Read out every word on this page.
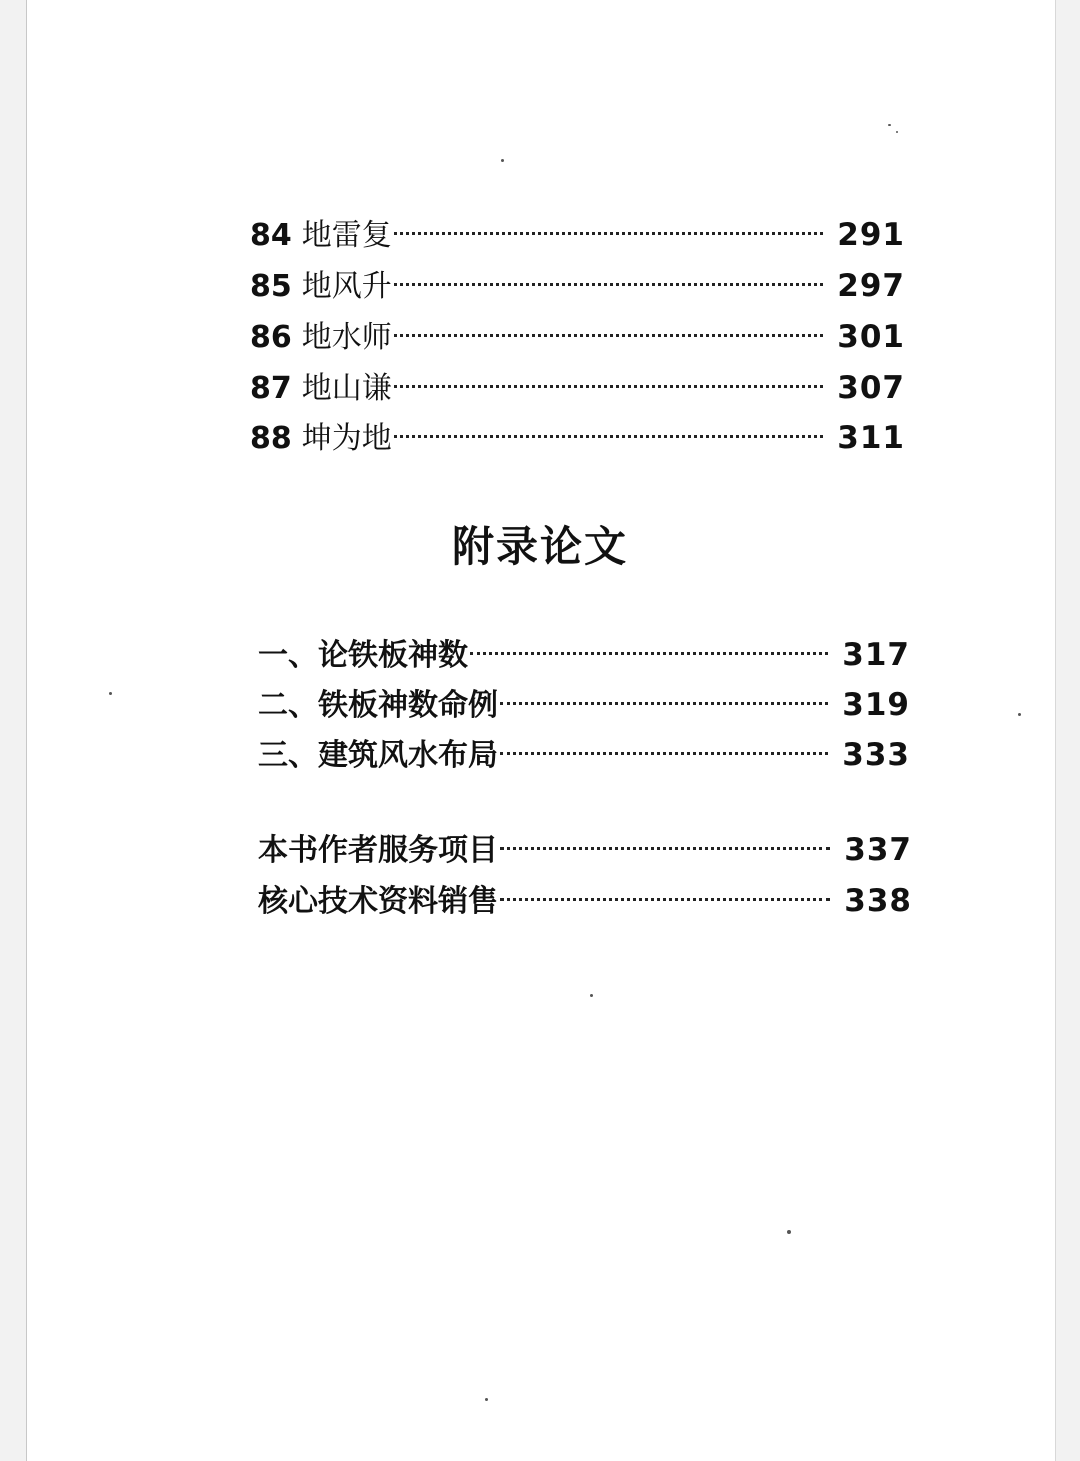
84 地雷复	291
85 地风升	297
86 地水师	301
87 地山谦	307
88 坤为地	311
附录论文
一、论铁板神数	317
二、铁板神数命例	319
三、建筑风水布局	333
本书作者服务项目	337
核心技术资料销售	338
